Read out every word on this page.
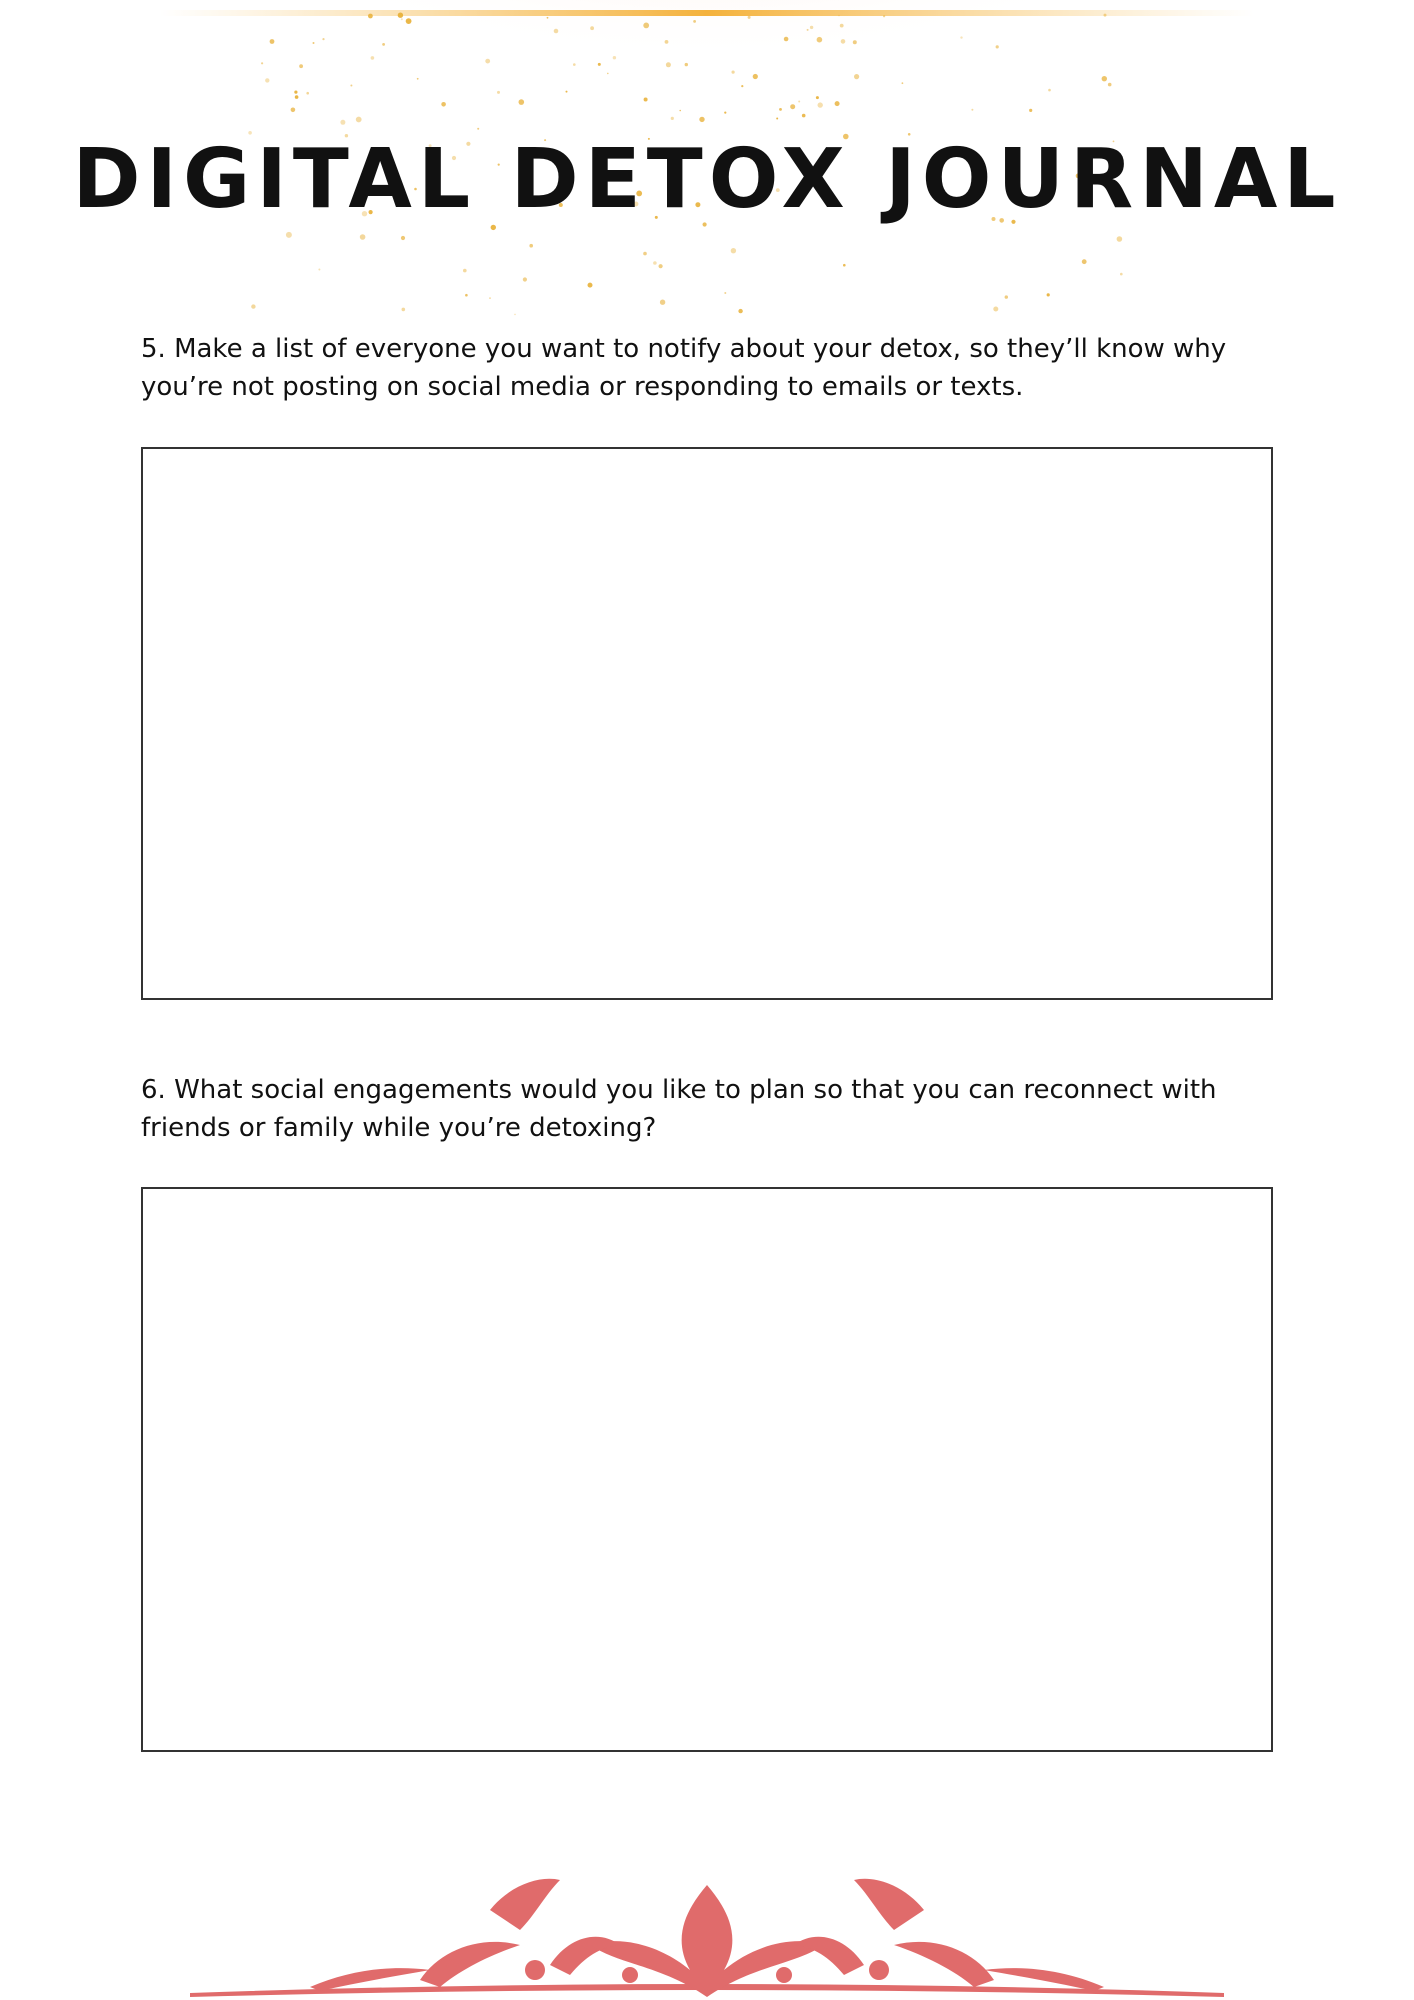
DIGITAL DETOX JOURNAL

5. Make a list of everyone you want to notify about your detox, so they’ll know why you’re not posting on social media or responding to emails or texts.

6. What social engagements would you like to plan so that you can reconnect with friends or family while you’re detoxing?
